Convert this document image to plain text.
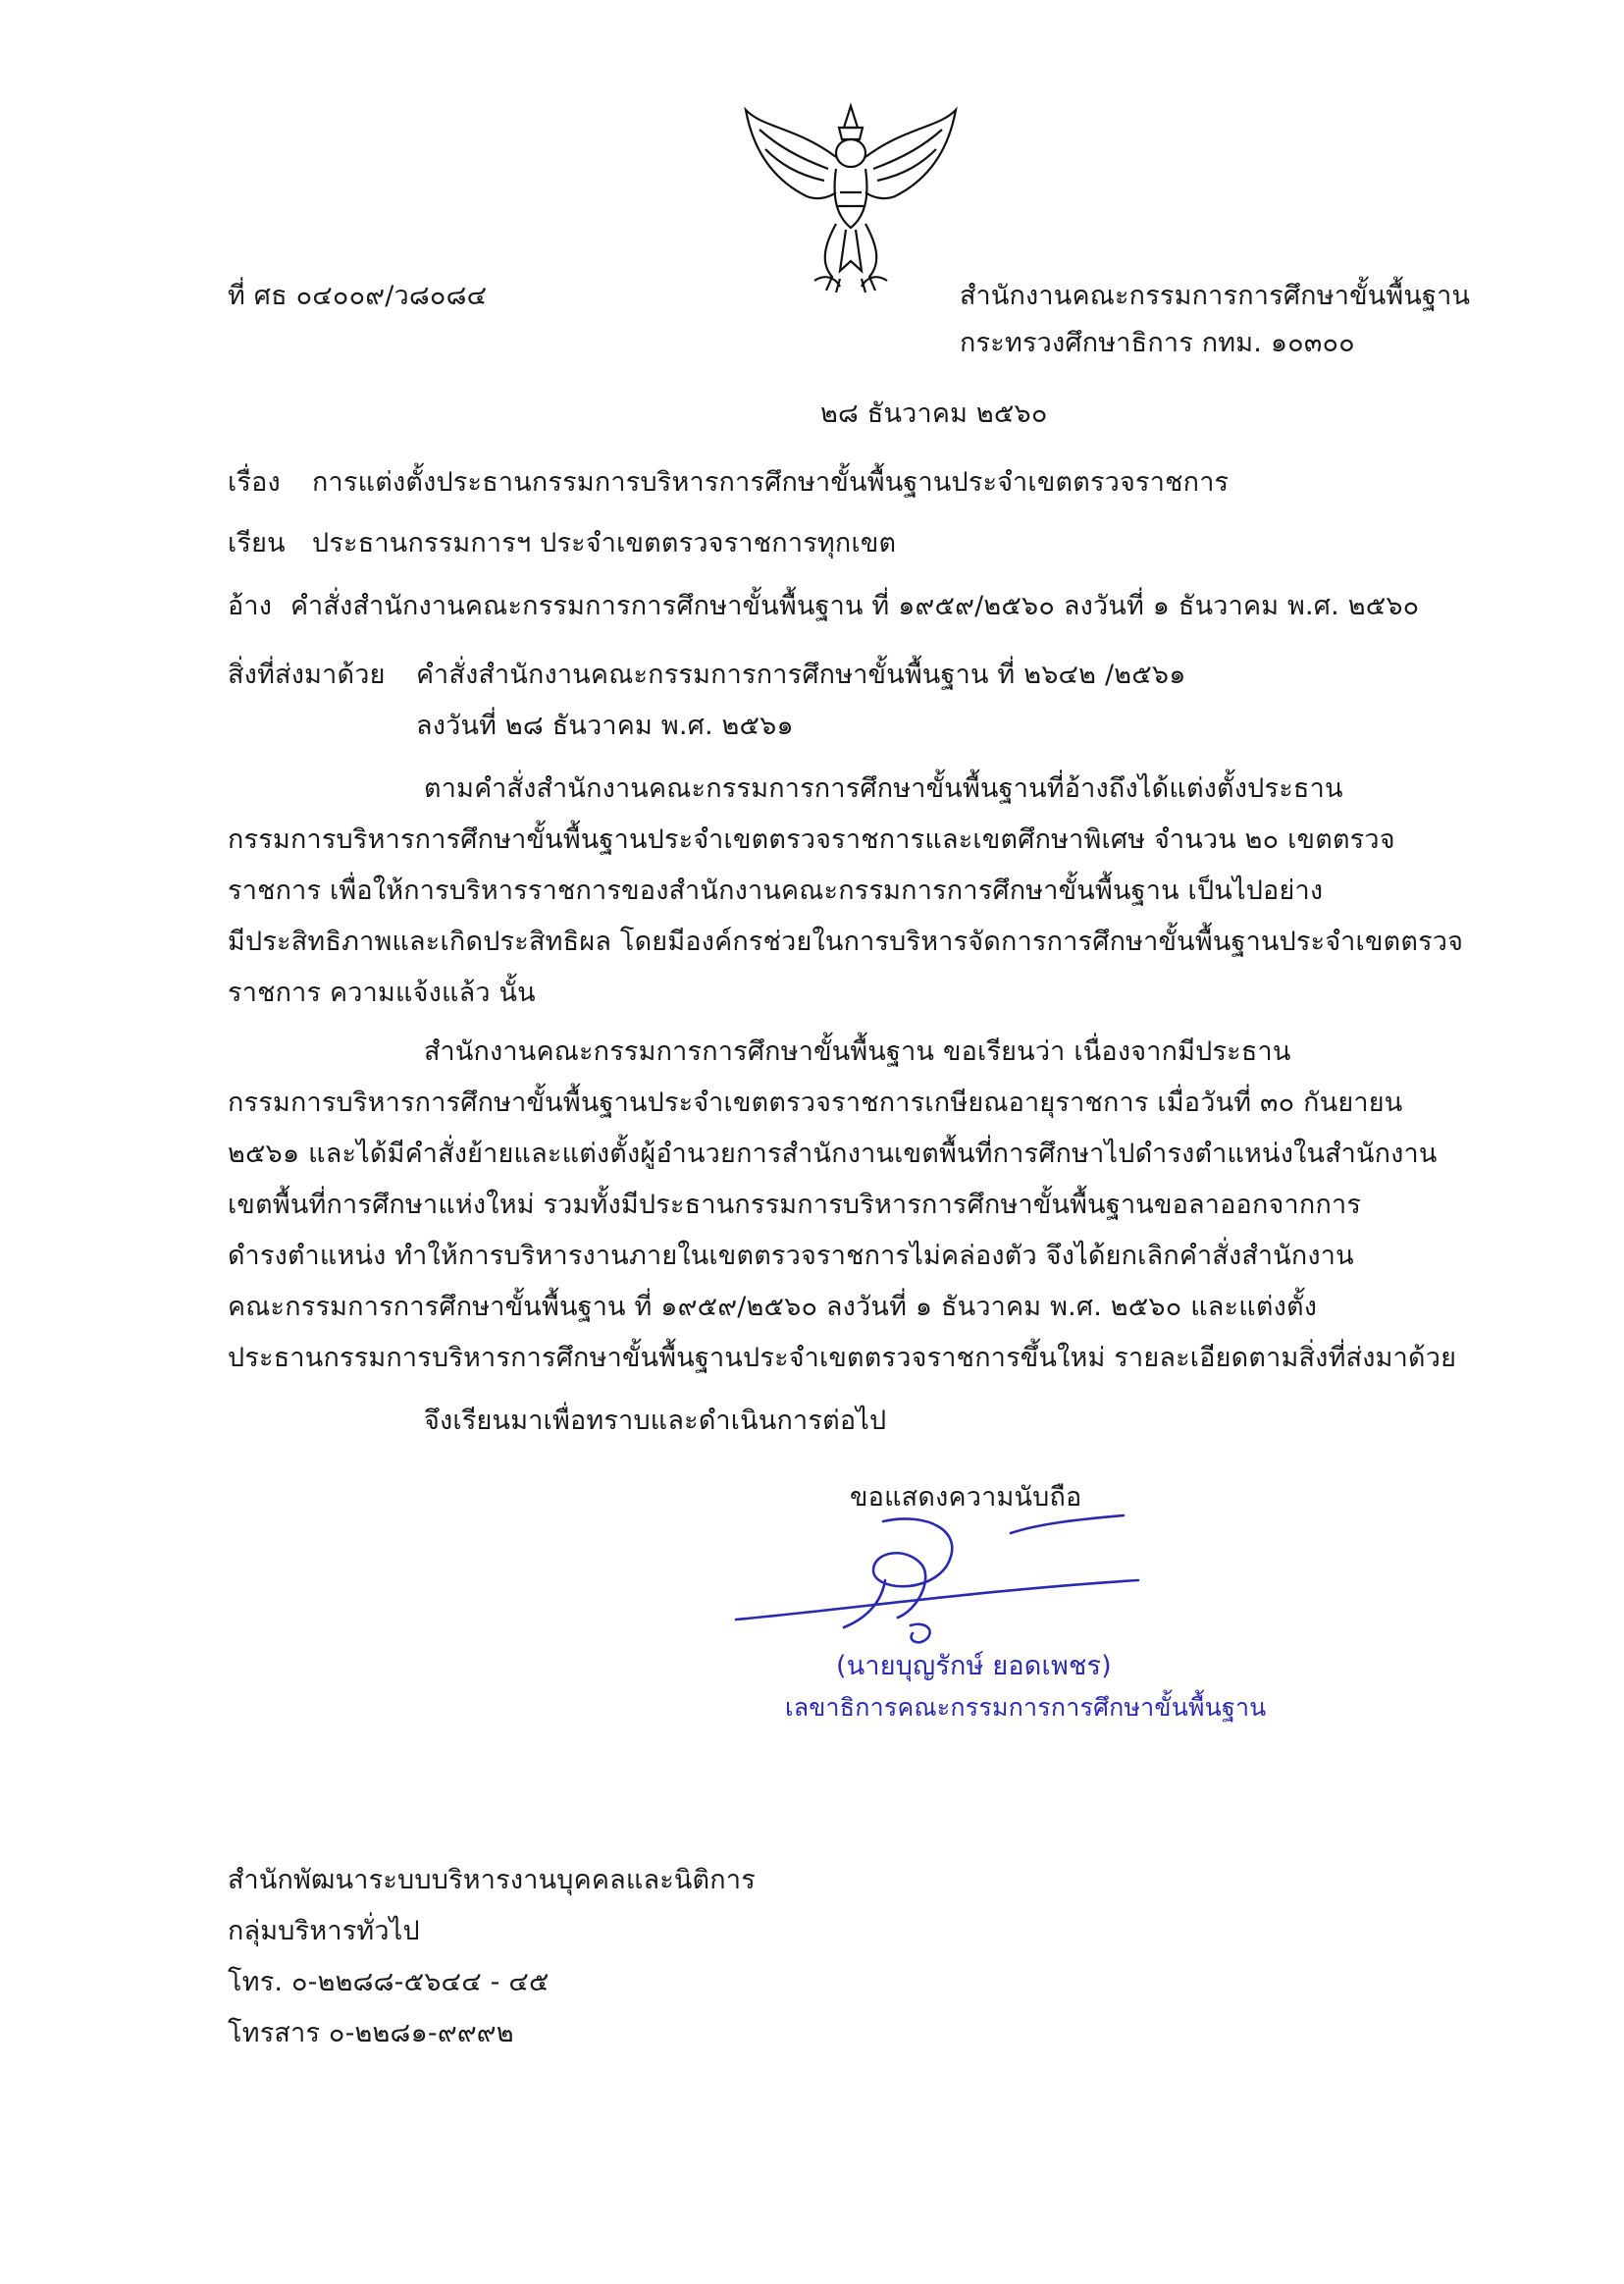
ที่ ศธ ๐๔๐๐๙/ว๘๐๘๔	สำนักงานคณะกรรมการการศึกษาขั้นพื้นฐาน
กระทรวงศึกษาธิการ กทม. ๑๐๓๐๐
๒๘ ธันวาคม ๒๕๖๐
เรื่อง การแต่งตั้งประธานกรรมการบริหารการศึกษาขั้นพื้นฐานประจำเขตตรวจราชการ
เรียน ประธานกรรมการฯ ประจำเขตตรวจราชการทุกเขต
อ้าง คำสั่งสำนักงานคณะกรรมการการศึกษาขั้นพื้นฐาน ที่ ๑๙๕๙/๒๕๖๐ ลงวันที่ ๑ ธันวาคม พ.ศ. ๒๕๖๐
สิ่งที่ส่งมาด้วย คำสั่งสำนักงานคณะกรรมการการศึกษาขั้นพื้นฐาน ที่ ๒๖๔๒ /๒๕๖๑
ลงวันที่ ๒๘ ธันวาคม พ.ศ. ๒๕๖๑
ตามคำสั่งสำนักงานคณะกรรมการการศึกษาขั้นพื้นฐานที่อ้างถึงได้แต่งตั้งประธาน
กรรมการบริหารการศึกษาขั้นพื้นฐานประจำเขตตรวจราชการและเขตศึกษาพิเศษ จำนวน ๒๐ เขตตรวจ
ราชการ เพื่อให้การบริหารราชการของสำนักงานคณะกรรมการการศึกษาขั้นพื้นฐาน เป็นไปอย่าง
มีประสิทธิภาพและเกิดประสิทธิผล โดยมีองค์กรช่วยในการบริหารจัดการการศึกษาขั้นพื้นฐานประจำเขตตรวจ
ราชการ ความแจ้งแล้ว นั้น
สำนักงานคณะกรรมการการศึกษาขั้นพื้นฐาน ขอเรียนว่า เนื่องจากมีประธาน
กรรมการบริหารการศึกษาขั้นพื้นฐานประจำเขตตรวจราชการเกษียณอายุราชการ เมื่อวันที่ ๓๐ กันยายน
๒๕๖๑ และได้มีคำสั่งย้ายและแต่งตั้งผู้อำนวยการสำนักงานเขตพื้นที่การศึกษาไปดำรงตำแหน่งในสำนักงาน
เขตพื้นที่การศึกษาแห่งใหม่ รวมทั้งมีประธานกรรมการบริหารการศึกษาขั้นพื้นฐานขอลาออกจากการ
ดำรงตำแหน่ง ทำให้การบริหารงานภายในเขตตรวจราชการไม่คล่องตัว จึงได้ยกเลิกคำสั่งสำนักงาน
คณะกรรมการการศึกษาขั้นพื้นฐาน ที่ ๑๙๕๙/๒๕๖๐ ลงวันที่ ๑ ธันวาคม พ.ศ. ๒๕๖๐ และแต่งตั้ง
ประธานกรรมการบริหารการศึกษาขั้นพื้นฐานประจำเขตตรวจราชการขึ้นใหม่ รายละเอียดตามสิ่งที่ส่งมาด้วย
จึงเรียนมาเพื่อทราบและดำเนินการต่อไป
ขอแสดงความนับถือ
(นายบุญรักษ์ ยอดเพชร)
เลขาธิการคณะกรรมการการศึกษาขั้นพื้นฐาน
สำนักพัฒนาระบบบริหารงานบุคคลและนิติการ
กลุ่มบริหารทั่วไป
โทร. ๐-๒๒๘๘-๕๖๔๔ - ๔๕
โทรสาร ๐-๒๒๘๑-๙๙๙๒
